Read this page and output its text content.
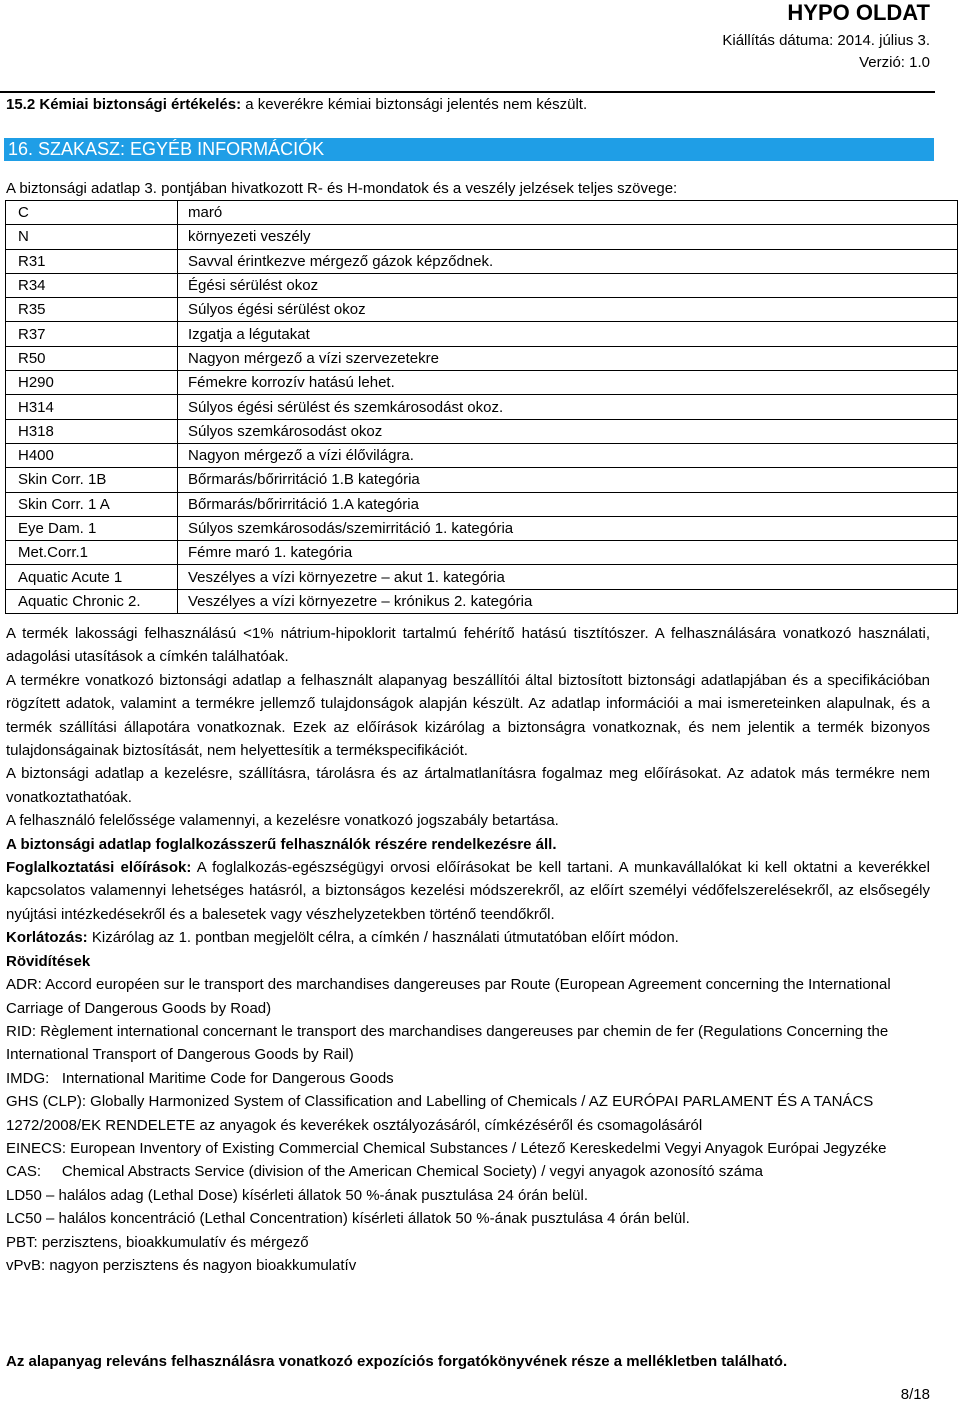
HYPO OLDAT
Kiállítás dátuma: 2014. július 3.
Verzió: 1.0
15.2 Kémiai biztonsági értékelés: a keverékre kémiai biztonsági jelentés nem készült.
16. SZAKASZ: EGYÉB INFORMÁCIÓK
A biztonsági adatlap 3. pontjában hivatkozott R- és H-mondatok és a veszély jelzések teljes szövege:
C	maró
N	környezeti veszély
R31	Savval érintkezve mérgező gázok képződnek.
R34	Égési sérülést okoz
R35	Súlyos égési sérülést okoz
R37	Izgatja a légutakat
R50	Nagyon mérgező a vízi szervezetekre
H290	Fémekre korrozív hatású lehet.
H314	Súlyos égési sérülést és szemkárosodást okoz.
H318	Súlyos szemkárosodást okoz
H400	Nagyon mérgező a vízi élővilágra.
Skin Corr. 1B	Bőrmarás/bőrirritáció 1.B kategória
Skin Corr. 1 A	Bőrmarás/bőrirritáció 1.A kategória
Eye Dam. 1	Súlyos szemkárosodás/szemirritáció 1. kategória
Met.Corr.1	Fémre maró 1. kategória
Aquatic Acute 1	Veszélyes a vízi környezetre – akut 1. kategória
Aquatic Chronic 2.	Veszélyes a vízi környezetre – krónikus 2. kategória

A termék lakossági felhasználású <1% nátrium-hipoklorit tartalmú fehérítő hatású tisztítószer. A felhasználására vonatkozó használati, adagolási utasítások a címkén találhatóak.

A termékre vonatkozó biztonsági adatlap a felhasznált alapanyag beszállítói által biztosított biztonsági adatlapjában és a specifikációban rögzített adatok, valamint a termékre jellemző tulajdonságok alapján készült. Az adatlap információi a mai ismereteinken alapulnak, és a termék szállítási állapotára vonatkoznak. Ezek az előírások kizárólag a biztonságra vonatkoznak, és nem jelentik a termék bizonyos tulajdonságainak biztosítását, nem helyettesítik a termékspecifikációt.

A biztonsági adatlap a kezelésre, szállításra, tárolásra és az ártalmatlanításra fogalmaz meg előírásokat. Az adatok más termékre nem vonatkoztathatóak.

A felhasználó felelőssége valamennyi, a kezelésre vonatkozó jogszabály betartása.

A biztonsági adatlap foglalkozásszerű felhasználók részére rendelkezésre áll.

Foglalkoztatási előírások: A foglalkozás-egészségügyi orvosi előírásokat be kell tartani. A munkavállalókat ki kell oktatni a keverékkel kapcsolatos valamennyi lehetséges hatásról, a biztonságos kezelési módszerekről, az előírt személyi védőfelszerelésekről, az elsősegély nyújtási intézkedésekről és a balesetek vagy vészhelyzetekben történő teendőkről.

Korlátozás: Kizárólag az 1. pontban megjelölt célra, a címkén / használati útmutatóban előírt módon.

Rövidítések

ADR: Accord européen sur le transport des marchandises dangereuses par Route (European Agreement concerning the International Carriage of Dangerous Goods by Road)

RID: Règlement international concernant le transport des marchandises dangereuses par chemin de fer (Regulations Concerning the International Transport of Dangerous Goods by Rail)

IMDG:   International Maritime Code for Dangerous Goods

GHS (CLP): Globally Harmonized System of Classification and Labelling of Chemicals / AZ EURÓPAI PARLAMENT ÉS A TANÁCS 1272/2008/EK RENDELETE az anyagok és keverékek osztályozásáról, címkézéséről és csomagolásáról

EINECS: European Inventory of Existing Commercial Chemical Substances / Létező Kereskedelmi Vegyi Anyagok Európai Jegyzéke

CAS:     Chemical Abstracts Service (division of the American Chemical Society) / vegyi anyagok azonosító száma

LD50 – halálos adag (Lethal Dose) kísérleti állatok 50 %-ának pusztulása 24 órán belül.

LC50 – halálos koncentráció (Lethal Concentration) kísérleti állatok 50 %-ának pusztulása 4 órán belül.

PBT: perzisztens, bioakkumulatív és mérgező

vPvB: nagyon perzisztens és nagyon bioakkumulatív

Az alapanyag releváns felhasználásra vonatkozó expozíciós forgatókönyvének része a mellékletben található.
8/18
